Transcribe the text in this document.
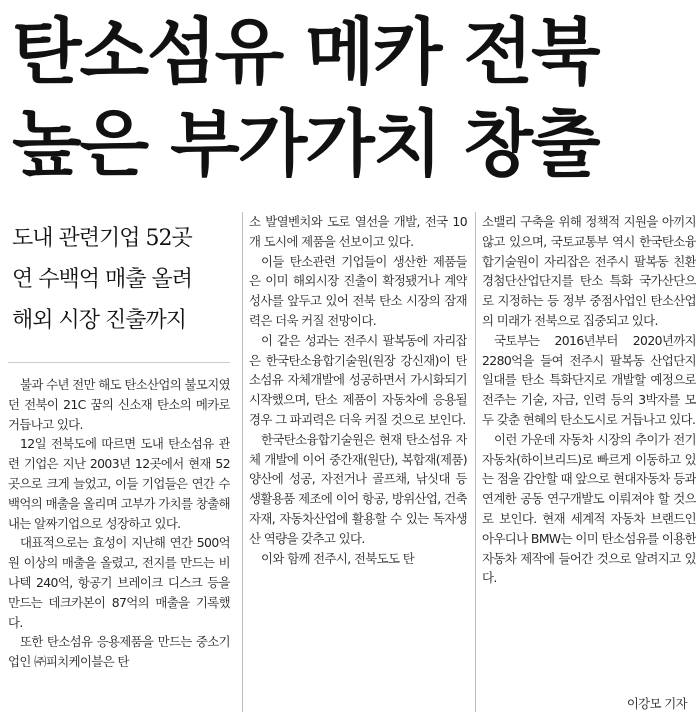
탄소섬유 메카 전북
높은 부가가치 창출
도내 관련기업 52곳
연 수백억 매출 올려
해외 시장 진출까지

불과 수년 전만 해도 탄소산업의 불모지였던 전북이 21C 꿈의 신소재 탄소의 메카로 거듭나고 있다.

12일 전북도에 따르면 도내 탄소섬유 관련 기업은 지난 2003년 12곳에서 현재 52곳으로 크게 늘었고, 이들 기업들은 연간 수백억의 매출을 올리며 고부가 가치를 창출해 내는 알짜기업으로 성장하고 있다.

대표적으로는 효성이 지난해 연간 500억원 이상의 매출을 올렸고, 전지를 만드는 비나텍 240억, 항공기 브레이크 디스크 등을 만드는 데크카본이 87억의 매출을 기록했다.

또한 탄소섬유 응용제품을 만드는 중소기업인 ㈜피치케이블은 탄

소 발열벤치와 도로 열선을 개발, 전국 10개 도시에 제품을 선보이고 있다.

이들 탄소관련 기업들이 생산한 제품들은 이미 해외시장 진출이 확정됐거나 계약 성사를 앞두고 있어 전북 탄소 시장의 잠재력은 더욱 커질 전망이다.

이 같은 성과는 전주시 팔복동에 자리잡은 한국탄소융합기술원(원장 강신재)이 탄소섬유 자체개발에 성공하면서 가시화되기 시작했으며, 탄소 제품이 자동차에 응용될 경우 그 파괴력은 더욱 커질 것으로 보인다.

한국탄소융합기술원은 현재 탄소섬유 자체 개발에 이어 중간재(원단), 복합재(제품) 양산에 성공, 자전거나 골프채, 낚싯대 등 생활용품 제조에 이어 항공, 방위산업, 건축자재, 자동차산업에 활용할 수 있는 독자생산 역량을 갖추고 있다.

이와 함께 전주시, 전북도도 탄

소밸리 구축을 위해 정책적 지원을 아끼지 않고 있으며, 국토교통부 역시 한국탄소융합기술원이 자리잡은 전주시 팔복동 친환경첨단산업단지를 탄소 특화 국가산단으로 지정하는 등 정부 중점사업인 탄소산업의 미래가 전북으로 집중되고 있다.

국토부는 2016년부터 2020년까지 2280억을 들여 전주시 팔복동 산업단지 일대를 탄소 특화단지로 개발할 예정으로 전주는 기술, 자금, 인력 등의 3박자를 모두 갖춘 현혜의 탄소도시로 거듭나고 있다.

이런 가운데 자동차 시장의 추이가 전기자동차(하이브리드)로 빠르게 이동하고 있는 점을 감안할 때 앞으로 현대자동차 등과 연계한 공동 연구개발도 이뤄져야 할 것으로 보인다. 현재 세계적 자동차 브랜드인 아우디나 BMW는 이미 탄소섬유를 이용한 자동차 제작에 들어간 것으로 알려지고 있다.

이강모 기자
